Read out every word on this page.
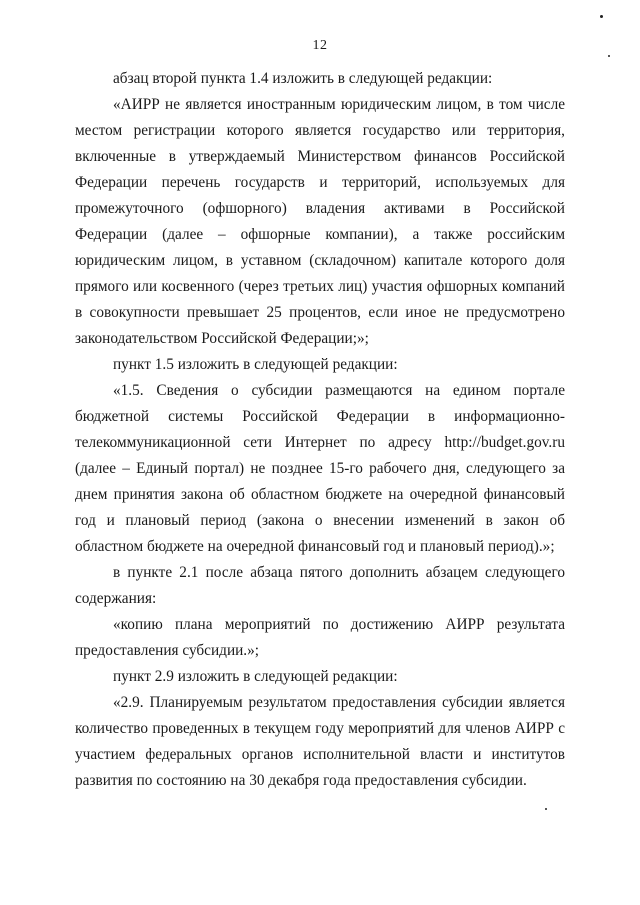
12

абзац второй пункта 1.4 изложить в следующей редакции:

«АИРР не является иностранным юридическим лицом, в том числе местом регистрации которого является государство или территория, включенные в утверждаемый Министерством финансов Российской Федерации перечень государств и территорий, используемых для промежуточного (офшорного) владения активами в Российской Федерации (далее – офшорные компании), а также российским юридическим лицом, в уставном (складочном) капитале которого доля прямого или косвенного (через третьих лиц) участия офшорных компаний в совокупности превышает 25 процентов, если иное не предусмотрено законодательством Российской Федерации;»;

пункт 1.5 изложить в следующей редакции:

«1.5. Сведения о субсидии размещаются на едином портале бюджетной системы Российской Федерации в информационно-телекоммуникационной сети Интернет по адресу http://budget.gov.ru (далее – Единый портал) не позднее 15-го рабочего дня, следующего за днем принятия закона об областном бюджете на очередной финансовый год и плановый период (закона о внесении изменений в закон об областном бюджете на очередной финансовый год и плановый период).»;

в пункте 2.1 после абзаца пятого дополнить абзацем следующего содержания:

«копию плана мероприятий по достижению АИРР результата предоставления субсидии.»;

пункт 2.9 изложить в следующей редакции:

«2.9. Планируемым результатом предоставления субсидии является количество проведенных в текущем году мероприятий для членов АИРР с участием федеральных органов исполнительной власти и институтов развития по состоянию на 30 декабря года предоставления субсидии.
